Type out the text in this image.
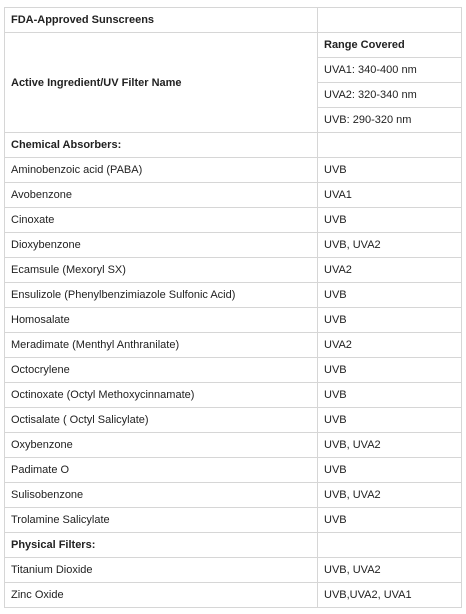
FDA-Approved Sunscreens	
Active Ingredient/UV Filter Name	Range Covered
	UVA1: 340-400 nm
	UVA2: 320-340 nm
	UVB: 290-320 nm
Chemical Absorbers:	
Aminobenzoic acid (PABA)	UVB
Avobenzone	UVA1
Cinoxate	UVB
Dioxybenzone	UVB, UVA2
Ecamsule (Mexoryl SX)	UVA2
Ensulizole (Phenylbenzimiazole Sulfonic Acid)	UVB
Homosalate	UVB
Meradimate (Menthyl Anthranilate)	UVA2
Octocrylene	UVB
Octinoxate (Octyl Methoxycinnamate)	UVB
Octisalate ( Octyl Salicylate)	UVB
Oxybenzone	UVB, UVA2
Padimate O	UVB
Sulisobenzone	UVB, UVA2
Trolamine Salicylate	UVB
Physical Filters:	
Titanium Dioxide	UVB, UVA2
Zinc Oxide	UVB,UVA2, UVA1
